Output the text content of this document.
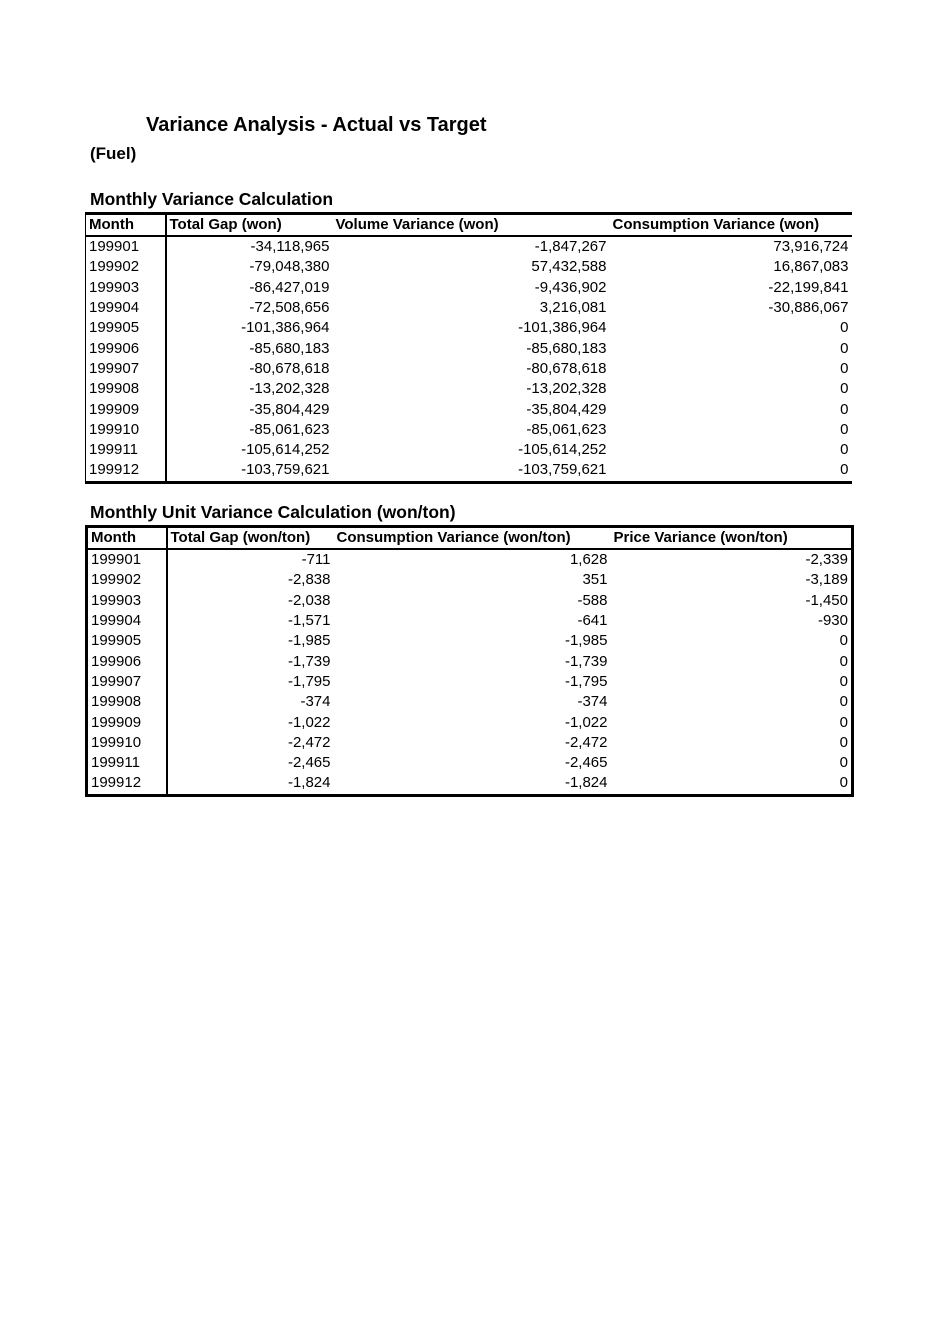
Variance Analysis - Actual vs Target
(Fuel)
Monthly Variance Calculation
Month	Total Gap (won)	Volume Variance (won)	Consumption Variance (won)
199901	-34,118,965	-1,847,267	73,916,724
199902	-79,048,380	57,432,588	16,867,083
199903	-86,427,019	-9,436,902	-22,199,841
199904	-72,508,656	3,216,081	-30,886,067
199905	-101,386,964	-101,386,964	0
199906	-85,680,183	-85,680,183	0
199907	-80,678,618	-80,678,618	0
199908	-13,202,328	-13,202,328	0
199909	-35,804,429	-35,804,429	0
199910	-85,061,623	-85,061,623	0
199911	-105,614,252	-105,614,252	0
199912	-103,759,621	-103,759,621	0
Monthly Unit Variance Calculation (won/ton)
Month	Total Gap (won/ton)	Consumption Variance (won/ton)	Price Variance (won/ton)
199901	-711	1,628	-2,339
199902	-2,838	351	-3,189
199903	-2,038	-588	-1,450
199904	-1,571	-641	-930
199905	-1,985	-1,985	0
199906	-1,739	-1,739	0
199907	-1,795	-1,795	0
199908	-374	-374	0
199909	-1,022	-1,022	0
199910	-2,472	-2,472	0
199911	-2,465	-2,465	0
199912	-1,824	-1,824	0
